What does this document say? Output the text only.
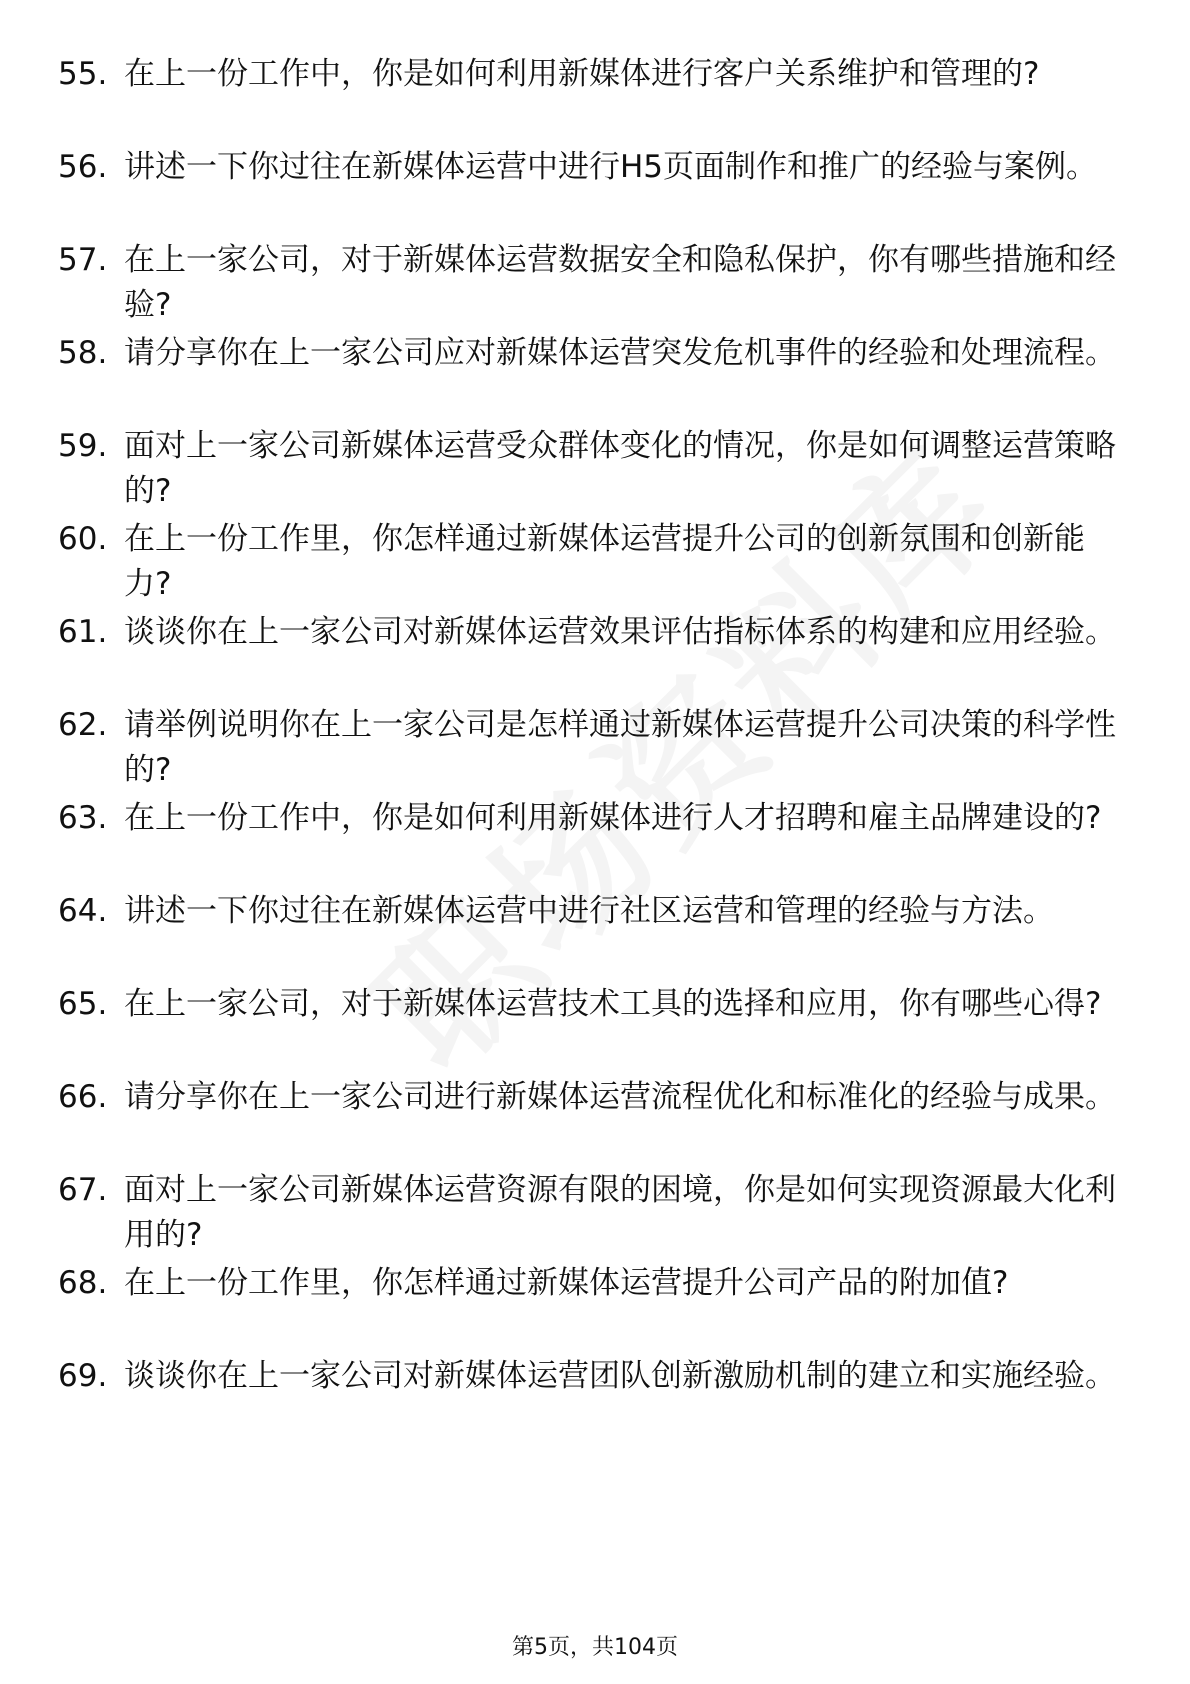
55. 在上一份工作中，你是如何利用新媒体进行客户关系维护和管理的?
56. 讲述一下你过往在新媒体运营中进行H5页面制作和推广的经验与案例。
57. 在上一家公司，对于新媒体运营数据安全和隐私保护，你有哪些措施和经验?
58. 请分享你在上一家公司应对新媒体运营突发危机事件的经验和处理流程。
59. 面对上一家公司新媒体运营受众群体变化的情况，你是如何调整运营策略的?
60. 在上一份工作里，你怎样通过新媒体运营提升公司的创新氛围和创新能力?
61. 谈谈你在上一家公司对新媒体运营效果评估指标体系的构建和应用经验。
62. 请举例说明你在上一家公司是怎样通过新媒体运营提升公司决策的科学性的?
63. 在上一份工作中，你是如何利用新媒体进行人才招聘和雇主品牌建设的?
64. 讲述一下你过往在新媒体运营中进行社区运营和管理的经验与方法。
65. 在上一家公司，对于新媒体运营技术工具的选择和应用，你有哪些心得?
66. 请分享你在上一家公司进行新媒体运营流程优化和标准化的经验与成果。
67. 面对上一家公司新媒体运营资源有限的困境，你是如何实现资源最大化利用的?
68. 在上一份工作里，你怎样通过新媒体运营提升公司产品的附加值?
69. 谈谈你在上一家公司对新媒体运营团队创新激励机制的建立和实施经验。
第5页，共104页
